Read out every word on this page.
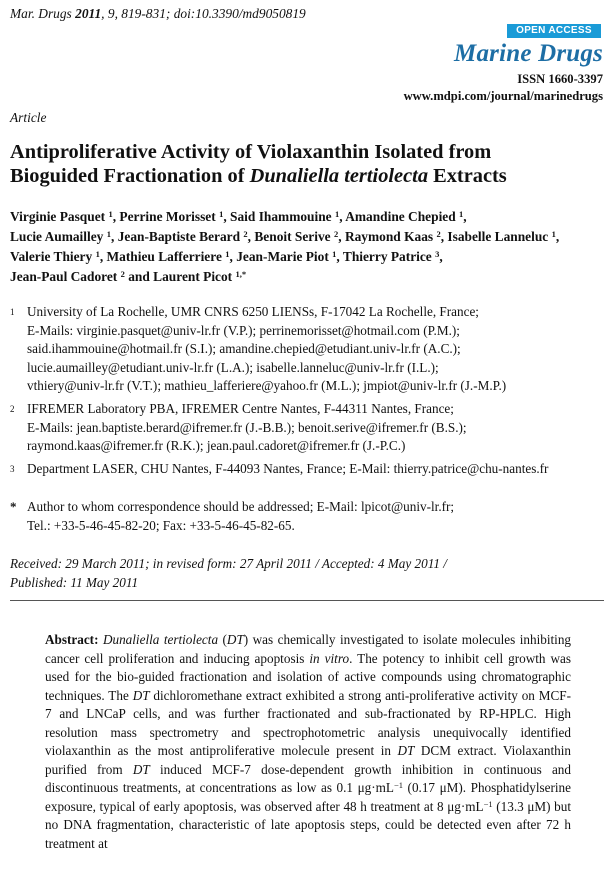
Mar. Drugs 2011, 9, 819-831; doi:10.3390/md9050819
OPEN ACCESS
Marine Drugs
ISSN 1660-3397
www.mdpi.com/journal/marinedrugs
Article
Antiproliferative Activity of Violaxanthin Isolated from
Bioguided Fractionation of Dunaliella tertiolecta Extracts
Virginie Pasquet $^1$, Perrine Morisset $^1$, Said Ihammouine $^1$, Amandine Chepied $^1$,
Lucie Aumailley $^1$, Jean-Baptiste Berard $^2$, Benoit Serive $^2$, Raymond Kaas $^2$, Isabelle Lanneluc $^1$,
Valerie Thiery $^1$, Mathieu Lafferriere $^1$, Jean-Marie Piot $^1$, Thierry Patrice $^3$,
Jean-Paul Cadoret $^2$ and Laurent Picot $^{1,*}$
1 University of La Rochelle, UMR CNRS 6250 LIENSs, F-17042 La Rochelle, France;
E-Mails: virginie.pasquet@univ-lr.fr (V.P.); perrinemorisset@hotmail.com (P.M.);
said.ihammouine@hotmail.fr (S.I.); amandine.chepied@etudiant.univ-lr.fr (A.C.);
lucie.aumailley@etudiant.univ-lr.fr (L.A.); isabelle.lanneluc@univ-lr.fr (I.L.);
vthiery@univ-lr.fr (V.T.); mathieu_lafferiere@yahoo.fr (M.L.); jmpiot@univ-lr.fr (J.-M.P.)
2 IFREMER Laboratory PBA, IFREMER Centre Nantes, F-44311 Nantes, France;
E-Mails: jean.baptiste.berard@ifremer.fr (J.-B.B.); benoit.serive@ifremer.fr (B.S.);
raymond.kaas@ifremer.fr (R.K.); jean.paul.cadoret@ifremer.fr (J.-P.C.)
3 Department LASER, CHU Nantes, F-44093 Nantes, France; E-Mail: thierry.patrice@chu-nantes.fr
* Author to whom correspondence should be addressed; E-Mail: lpicot@univ-lr.fr;
Tel.: +33-5-46-45-82-20; Fax: +33-5-46-45-82-65.
Received: 29 March 2011; in revised form: 27 April 2011 / Accepted: 4 May 2011 /
Published: 11 May 2011
Abstract: Dunaliella tertiolecta (DT) was chemically investigated to isolate molecules inhibiting cancer cell proliferation and inducing apoptosis in vitro. The potency to inhibit cell growth was used for the bio-guided fractionation and isolation of active compounds using chromatographic techniques. The DT dichloromethane extract exhibited a strong anti-proliferative activity on MCF-7 and LNCaP cells, and was further fractionated and sub-fractionated by RP-HPLC. High resolution mass spectrometry and spectrophotometric analysis unequivocally identified violaxanthin as the most antiproliferative molecule present in DT DCM extract. Violaxanthin purified from DT induced MCF-7 dose-dependent growth inhibition in continuous and discontinuous treatments, at concentrations as low as 0.1 $\mu g\cdot mL^{-1}$ (0.17 μM). Phosphatidylserine exposure, typical of early apoptosis, was observed after 48 h treatment at 8 $\mu g\cdot mL^{-1}$ (13.3 μM) but no DNA fragmentation, characteristic of late apoptosis steps, could be detected even after 72 h treatment at
